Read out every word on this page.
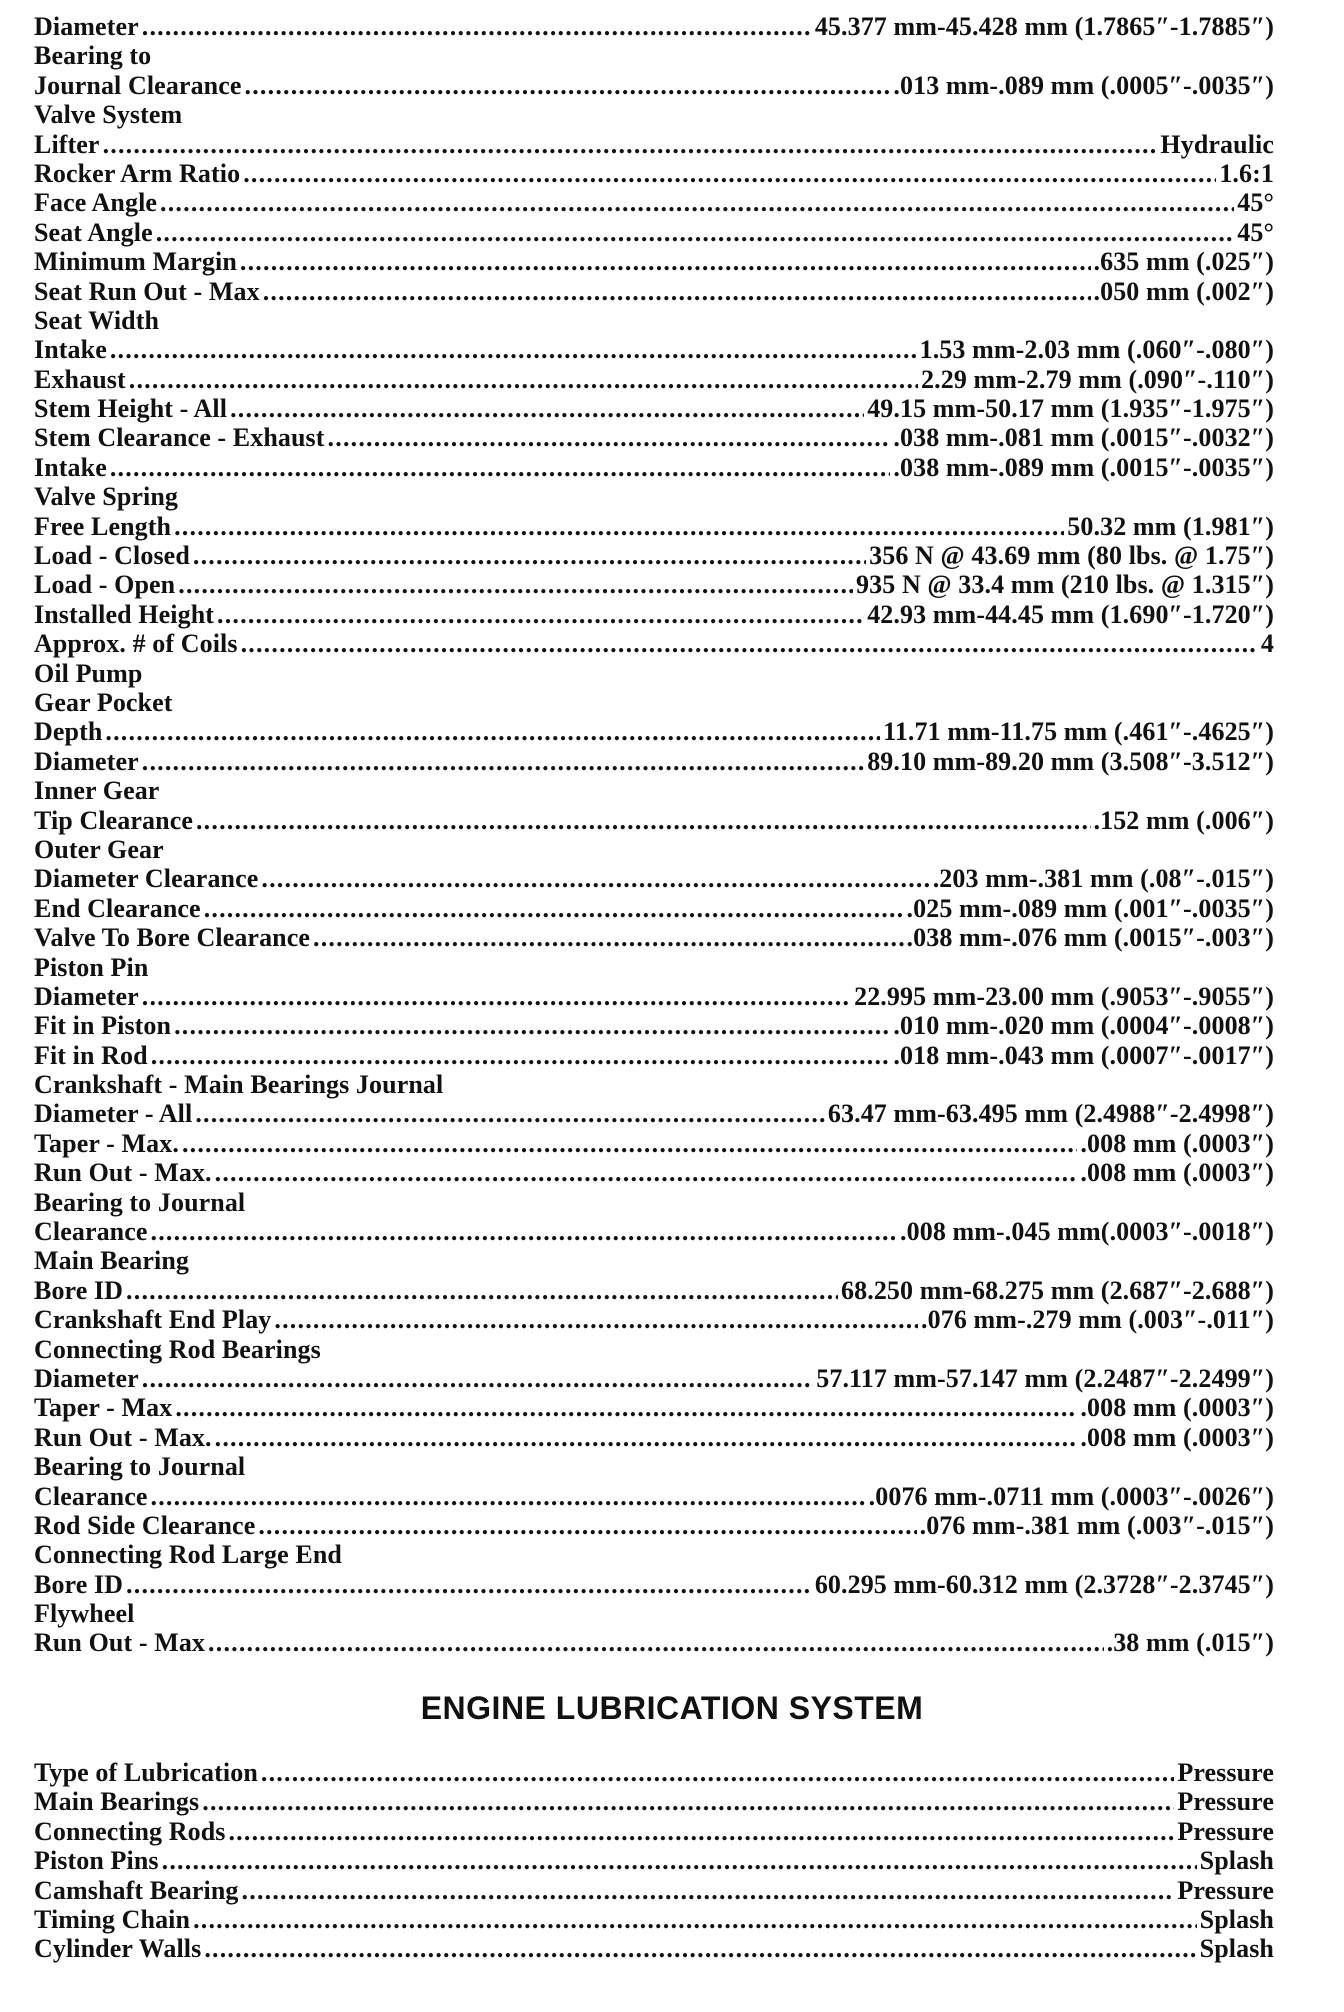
Diameter .....	45.377 mm-45.428 mm (1.7865″-1.7885″)
Bearing to
Journal Clearance .....	.013 mm-.089 mm (.0005″-.0035″)
Valve System
Lifter .....	Hydraulic
Rocker Arm Ratio .....	1.6:1
Face Angle .....	45°
Seat Angle .....	45°
Minimum Margin .....	.635 mm (.025″)
Seat Run Out - Max .....	.050 mm (.002″)
Seat Width
Intake .....	1.53 mm-2.03 mm (.060″-.080″)
Exhaust .....	2.29 mm-2.79 mm (.090″-.110″)
Stem Height - All .....	49.15 mm-50.17 mm (1.935″-1.975″)
Stem Clearance - Exhaust .....	.038 mm-.081 mm (.0015″-.0032″)
Intake .....	.038 mm-.089 mm (.0015″-.0035″)
Valve Spring
Free Length .....	50.32 mm (1.981″)
Load - Closed .....	356 N @ 43.69 mm (80 lbs. @ 1.75″)
Load - Open .....	935 N @ 33.4 mm (210 lbs. @ 1.315″)
Installed Height .....	42.93 mm-44.45 mm (1.690″-1.720″)
Approx. # of Coils .....	4
Oil Pump
Gear Pocket
Depth .....	11.71 mm-11.75 mm (.461″-.4625″)
Diameter .....	89.10 mm-89.20 mm (3.508″-3.512″)
Inner Gear
Tip Clearance .....	.152 mm (.006″)
Outer Gear
Diameter Clearance .....	.203 mm-.381 mm (.08″-.015″)
End Clearance .....	.025 mm-.089 mm (.001″-.0035″)
Valve To Bore Clearance .....	.038 mm-.076 mm (.0015″-.003″)
Piston Pin
Diameter .....	22.995 mm-23.00 mm (.9053″-.9055″)
Fit in Piston .....	.010 mm-.020 mm (.0004″-.0008″)
Fit in Rod .....	.018 mm-.043 mm (.0007″-.0017″)
Crankshaft - Main Bearings Journal
Diameter - All .....	63.47 mm-63.495 mm (2.4988″-2.4998″)
Taper - Max. .....	.008 mm (.0003″)
Run Out - Max. .....	.008 mm (.0003″)
Bearing to Journal
Clearance .....	.008 mm-.045 mm(.0003″-.0018″)
Main Bearing
Bore ID .....	68.250 mm-68.275 mm (2.687″-2.688″)
Crankshaft End Play .....	.076 mm-.279 mm (.003″-.011″)
Connecting Rod Bearings
Diameter .....	57.117 mm-57.147 mm (2.2487″-2.2499″)
Taper - Max .....	.008 mm (.0003″)
Run Out - Max. .....	.008 mm (.0003″)
Bearing to Journal
Clearance .....	.0076 mm-.0711 mm (.0003″-.0026″)
Rod Side Clearance .....	.076 mm-.381 mm (.003″-.015″)
Connecting Rod Large End
Bore ID .....	60.295 mm-60.312 mm (2.3728″-2.3745″)
Flywheel
Run Out - Max .....	.38 mm (.015″)
ENGINE LUBRICATION SYSTEM
Type of Lubrication .....	Pressure
Main Bearings .....	Pressure
Connecting Rods .....	Pressure
Piston Pins .....	Splash
Camshaft Bearing .....	Pressure
Timing Chain .....	Splash
Cylinder Walls .....	Splash
